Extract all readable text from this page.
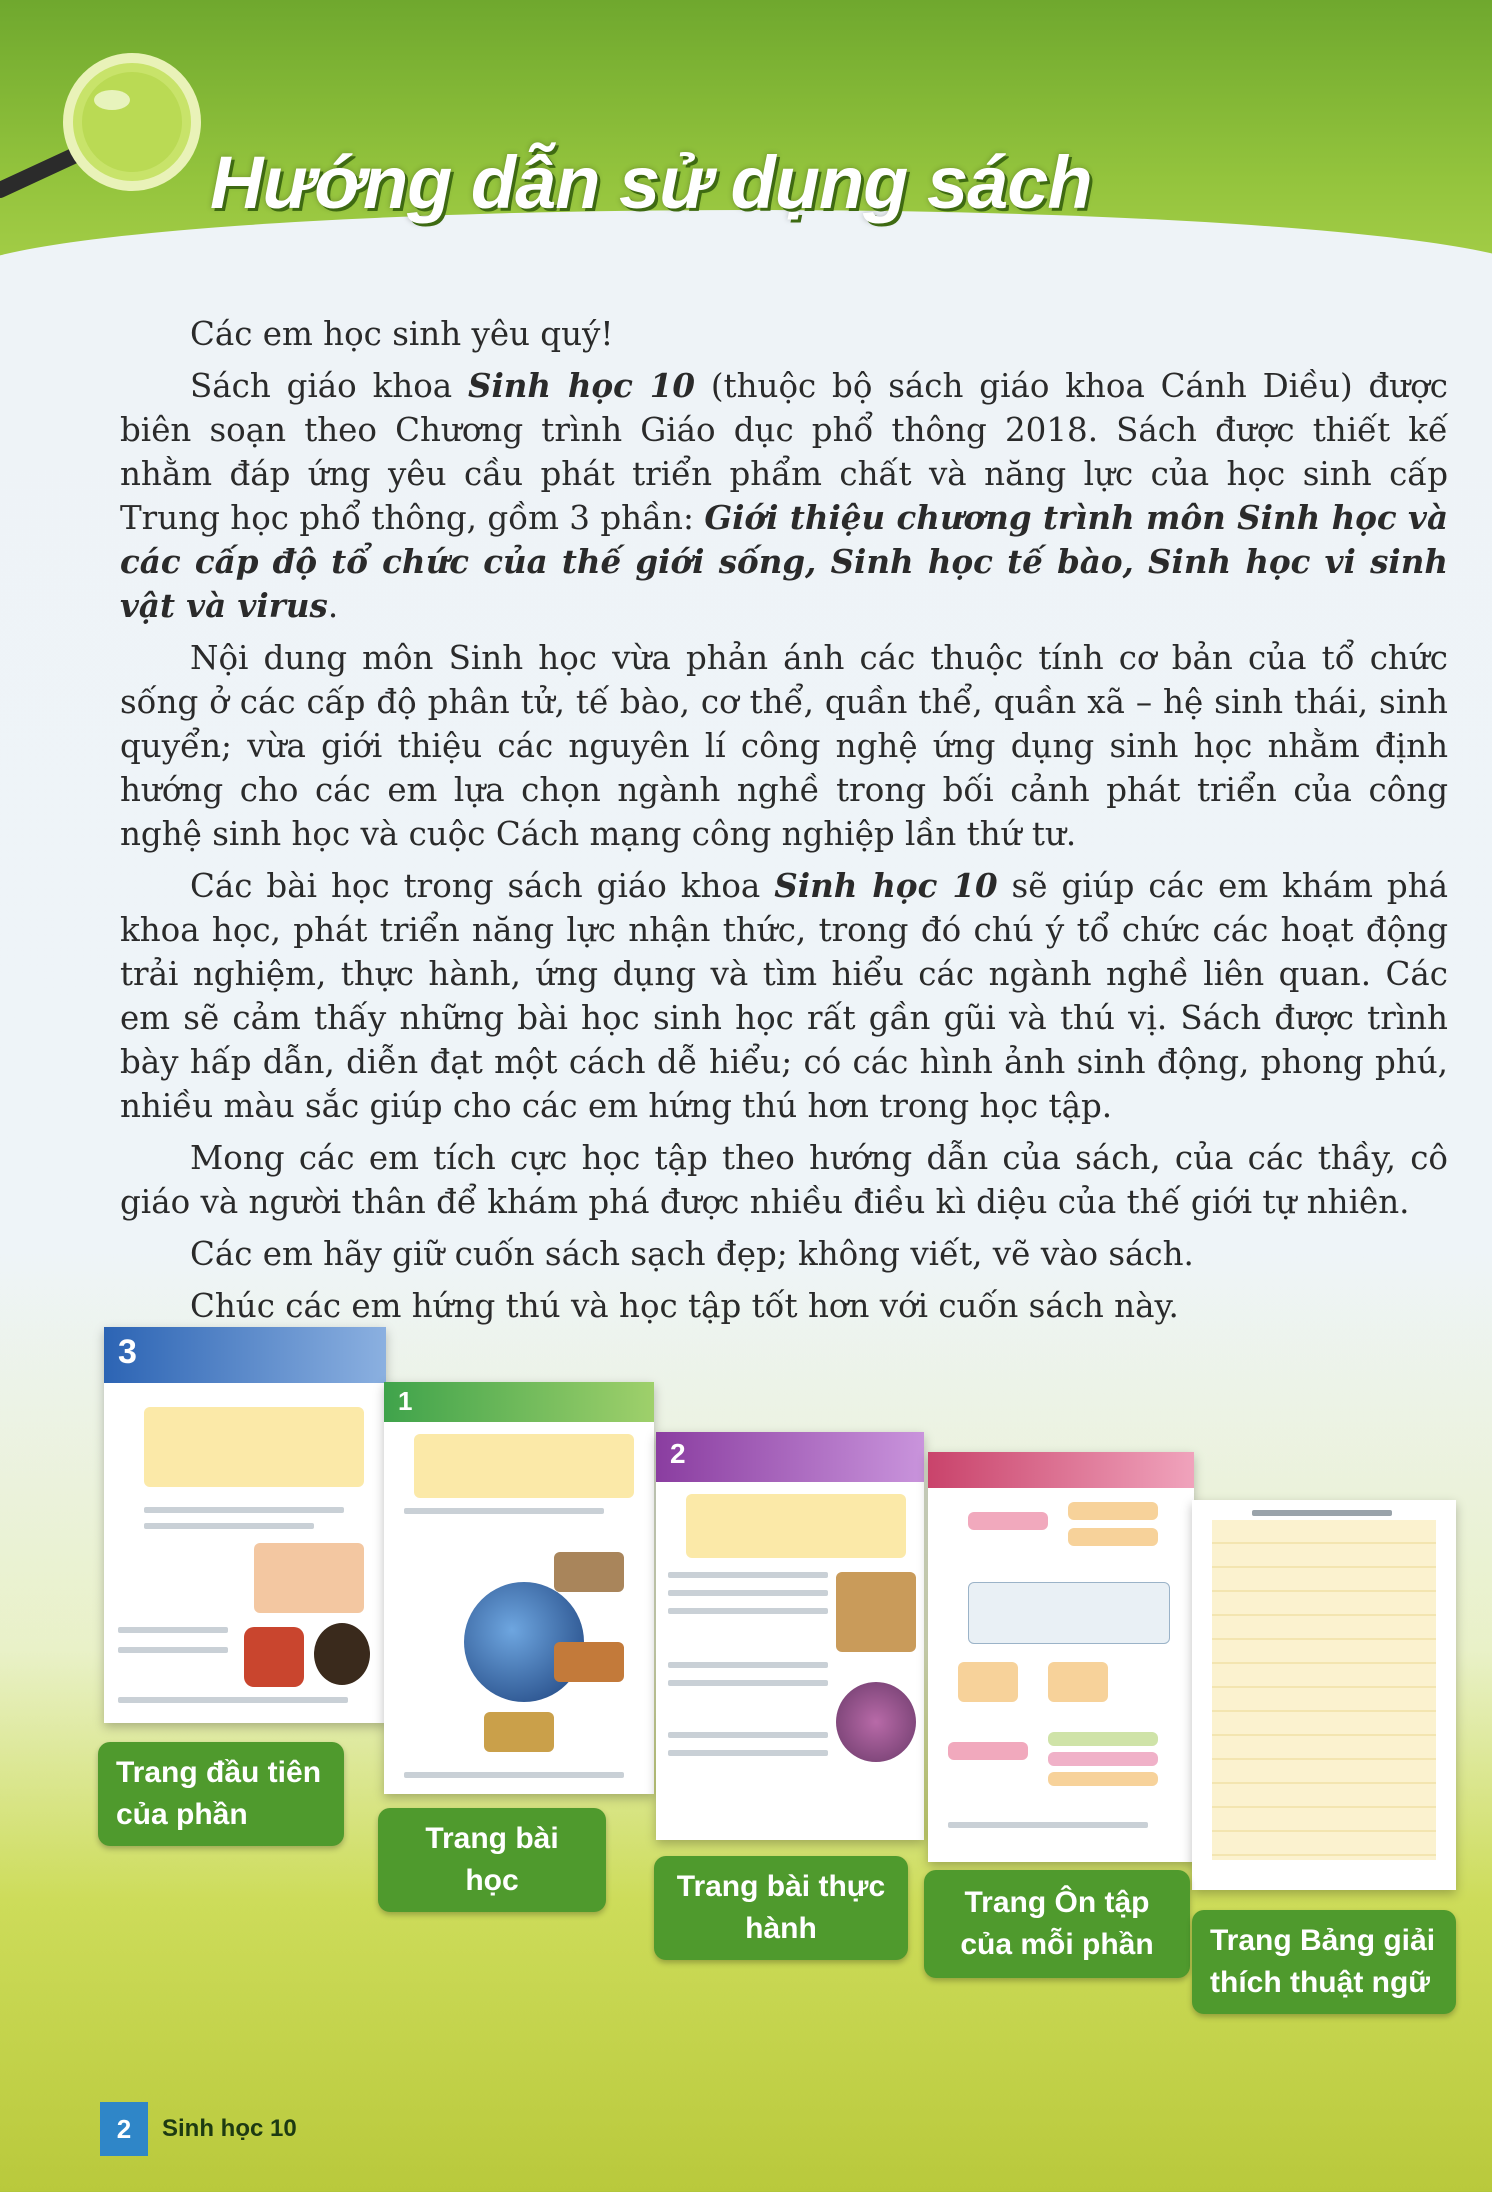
Hướng dẫn sử dụng sách

Các em học sinh yêu quý!

Sách giáo khoa Sinh học 10 (thuộc bộ sách giáo khoa Cánh Diều) được biên soạn theo Chương trình Giáo dục phổ thông 2018. Sách được thiết kế nhằm đáp ứng yêu cầu phát triển phẩm chất và năng lực của học sinh cấp Trung học phổ thông, gồm 3 phần: Giới thiệu chương trình môn Sinh học và các cấp độ tổ chức của thế giới sống, Sinh học tế bào, Sinh học vi sinh vật và virus.

Nội dung môn Sinh học vừa phản ánh các thuộc tính cơ bản của tổ chức sống ở các cấp độ phân tử, tế bào, cơ thể, quần thể, quần xã – hệ sinh thái, sinh quyển; vừa giới thiệu các nguyên lí công nghệ ứng dụng sinh học nhằm định hướng cho các em lựa chọn ngành nghề trong bối cảnh phát triển của công nghệ sinh học và cuộc Cách mạng công nghiệp lần thứ tư.

Các bài học trong sách giáo khoa Sinh học 10 sẽ giúp các em khám phá khoa học, phát triển năng lực nhận thức, trong đó chú ý tổ chức các hoạt động trải nghiệm, thực hành, ứng dụng và tìm hiểu các ngành nghề liên quan. Các em sẽ cảm thấy những bài học sinh học rất gần gũi và thú vị. Sách được trình bày hấp dẫn, diễn đạt một cách dễ hiểu; có các hình ảnh sinh động, phong phú, nhiều màu sắc giúp cho các em hứng thú hơn trong học tập.

Mong các em tích cực học tập theo hướng dẫn của sách, của các thầy, cô giáo và người thân để khám phá được nhiều điều kì diệu của thế giới tự nhiên.

Các em hãy giữ cuốn sách sạch đẹp; không viết, vẽ vào sách.

Chúc các em hứng thú và học tập tốt hơn với cuốn sách này.

3
1
2
Trang đầu tiên của phần
Trang bài học	Trang bài thực hành
Trang Ôn tập của mỗi phần	Trang Bảng giải thích thuật ngữ
2	Sinh học 10
